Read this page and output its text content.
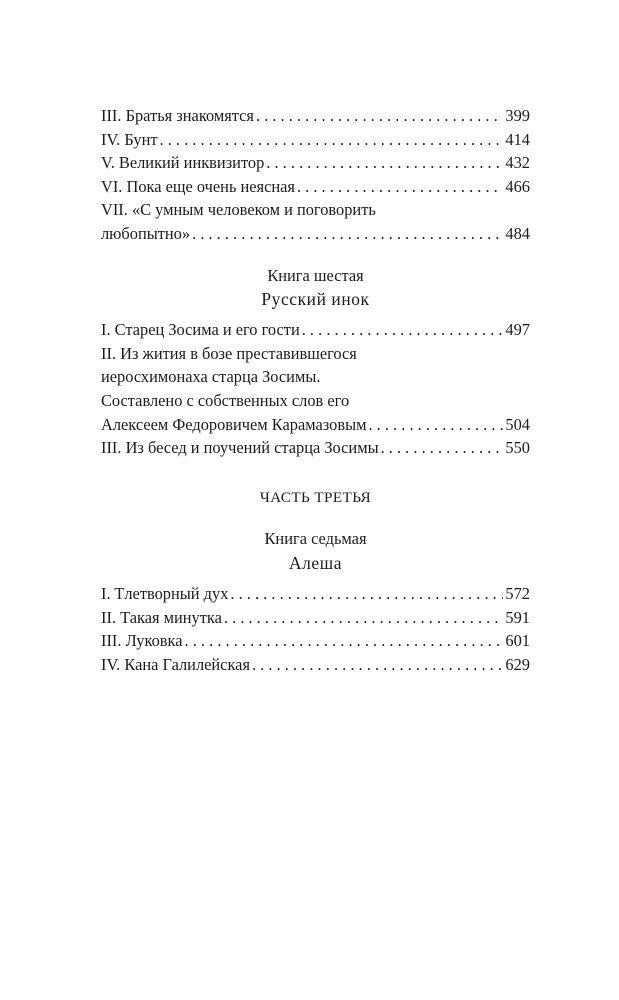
III. Братья знакомятся . . .	399
IV. Бунт . . .	414
V. Великий инквизитор . . .	432
VI. Пока еще очень неясная . . .	466
VII. «С умным человеком и поговорить
любопытно» . . .	484
Книга шестая
Русский инок
I. Старец Зосима и его гости . . .	497
II. Из жития в бозе преставившегося
иеросхимонаха старца Зосимы.
Составлено с собственных слов его
Алексеем Федоровичем Карамазовым . . .	504
III. Из бесед и поучений старца Зосимы . . .	550
ЧАСТЬ ТРЕТЬЯ
Книга седьмая
Алеша
I. Tлетворный дух . . .	572
II. Такая минутка . . .	591
III. Луковка . . .	601
IV. Кана Галилейская . . .	629
